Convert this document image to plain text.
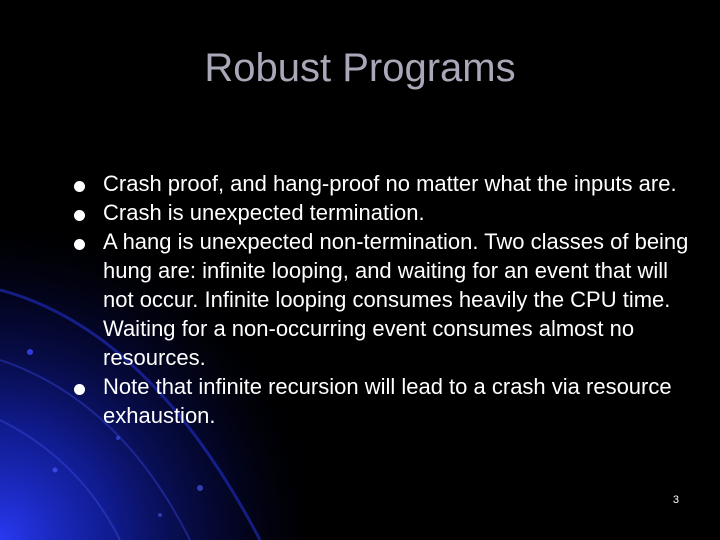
Robust Programs
Crash proof, and hang-proof no matter what the inputs are.
Crash is unexpected termination.
A hang is unexpected non-termination. Two classes of being hung are: infinite looping, and waiting for an event that will not occur. Infinite looping consumes heavily the CPU time. Waiting for a non-occurring event consumes almost no resources.
Note that infinite recursion will lead to a crash via resource exhaustion.
3
